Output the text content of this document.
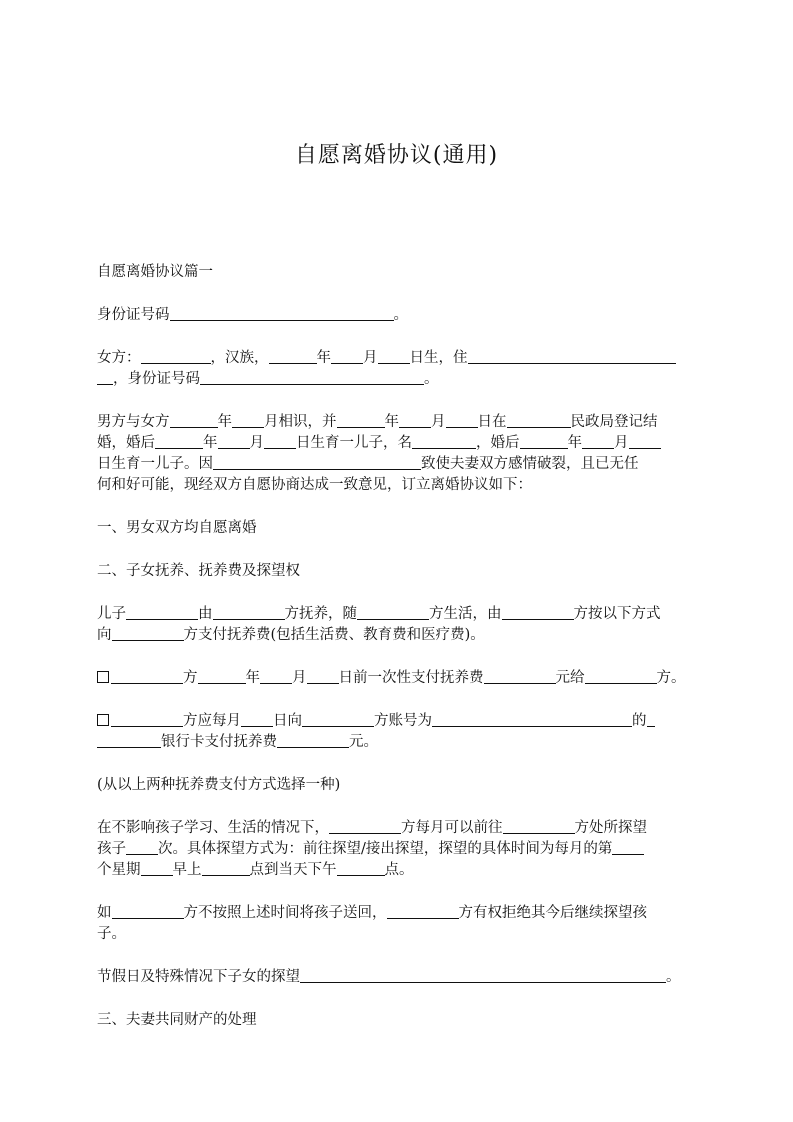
自愿离婚协议(通用)

自愿离婚协议篇一

身份证号码	。

女方：	，汉族，	年 月 日生，住

，身份证号码	。

男方与女方	年 月相识，并	年 月 日在	民政局登记结

婚，婚后	年 月 日生育一儿子，名	，婚后	年 月

日生育一儿子。因	致使夫妻双方感情破裂，且已无任

何和好可能，现经双方自愿协商达成一致意见，订立离婚协议如下：

一、男女双方均自愿离婚

二、子女抚养、抚养费及探望权

儿子	由	方抚养，随	方生活，由	方按以下方式

向	方支付抚养费(包括生活费、教育费和医疗费)。

方	年 月 日前一次性支付抚养费	元给	方。

方应每月 日向	方账号为	的

银行卡支付抚养费	元。

(从以上两种抚养费支付方式选择一种)

在不影响孩子学习、生活的情况下，	方每月可以前往	方处所探望

孩子 次。具体探望方式为：前往探望/接出探望，探望的具体时间为每月的第

个星期 早上	点到当天下午	点。

如	方不按照上述时间将孩子送回，	方有权拒绝其今后继续探望孩

子。

节假日及特殊情况下子女的探望	。

三、夫妻共同财产的处理
